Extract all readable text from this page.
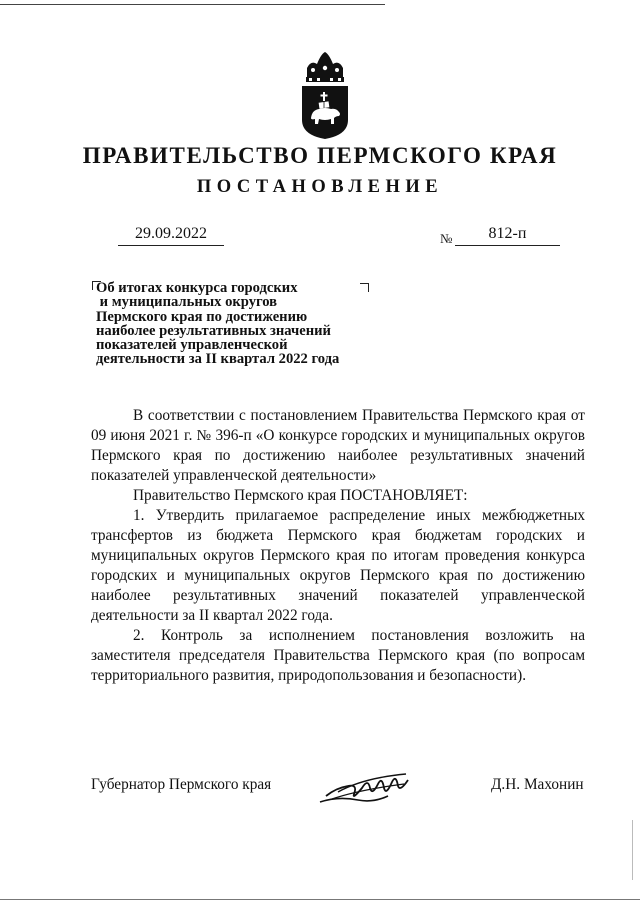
ПРАВИТЕЛЬСТВО ПЕРМСКОГО КРАЯ
ПОСТАНОВЛЕНИЕ
29.09.2022	№	812-п
Об итогах конкурса городских
и муниципальных округов
Пермского края по достижению
наиболее результативных значений
показателей управленческой
деятельности за II квартал 2022 года

В соответствии с постановлением Правительства Пермского края от 09 июня 2021 г. № 396-п «О конкурсе городских и муниципальных округов Пермского края по достижению наиболее результативных значений показателей управленческой деятельности»

Правительство Пермского края ПОСТАНОВЛЯЕТ:

1. Утвердить прилагаемое распределение иных межбюджетных трансфертов из бюджета Пермского края бюджетам городских и муниципальных округов Пермского края по итогам проведения конкурса городских и муниципальных округов Пермского края по достижению наиболее результативных значений показателей управленческой деятельности за II квартал 2022 года.

2. Контроль за исполнением постановления возложить на заместителя председателя Правительства Пермского края (по вопросам территориального развития, природопользования и безопасности).

Губернатор Пермского края	Д.Н. Махонин
